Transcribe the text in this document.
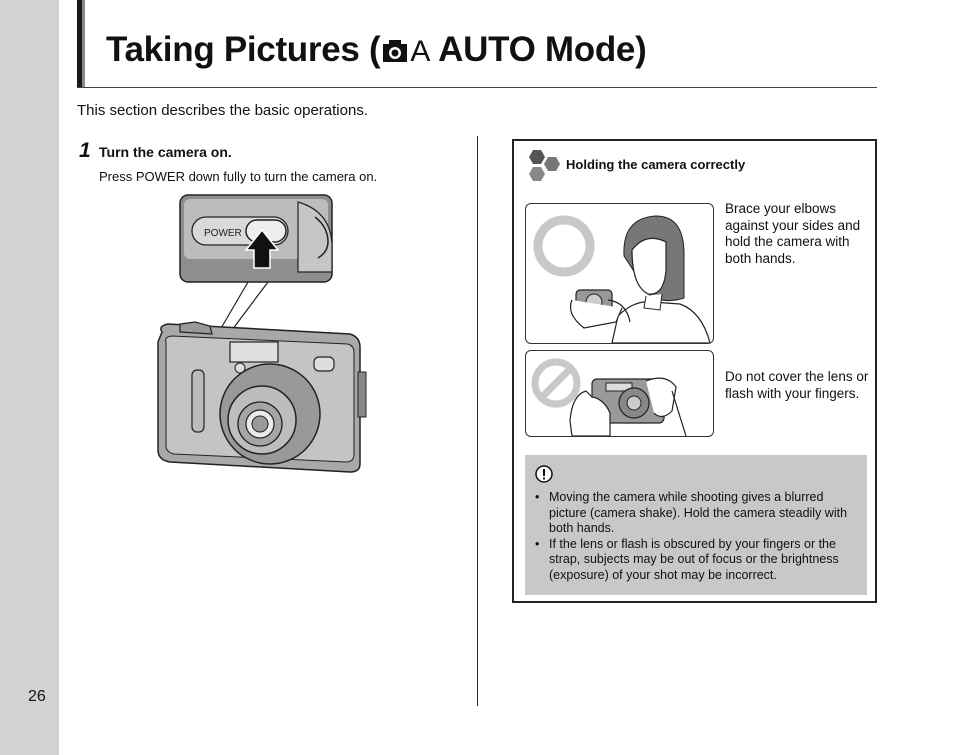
26
Taking Pictures ( A AUTO Mode)
This section describes the basic operations.
1 Turn the camera on.
Press POWER down fully to turn the camera on.
POWER
Holding the camera correctly
Brace your elbows against your sides and hold the camera with both hands.
Do not cover the lens or flash with your fingers.
• Moving the camera while shooting gives a blurred picture (camera shake). Hold the camera steadily with both hands.
• If the lens or flash is obscured by your fingers or the strap, subjects may be out of focus or the brightness (exposure) of your shot may be incorrect.
